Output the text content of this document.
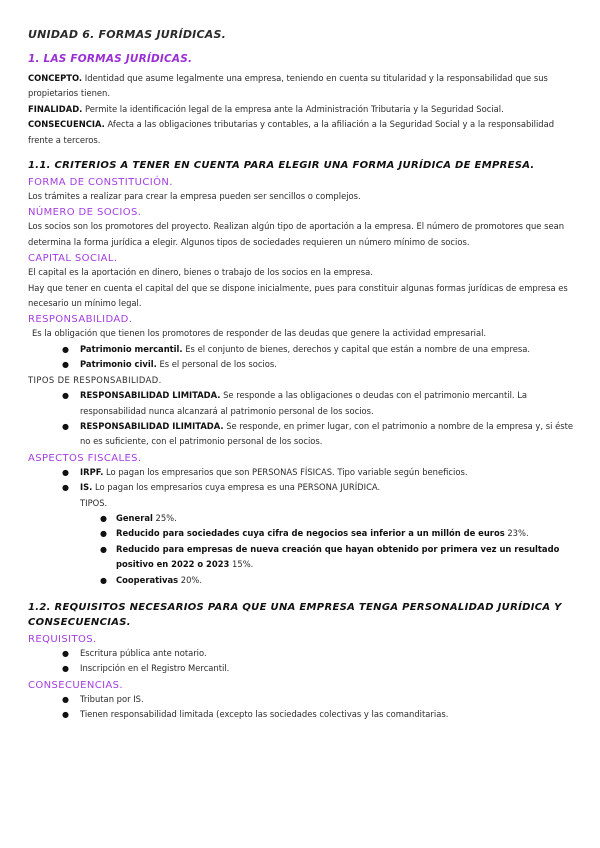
UNIDAD 6. FORMAS JURÍDICAS.
1. LAS FORMAS JURÍDICAS.

CONCEPTO. Identidad que asume legalmente una empresa, teniendo en cuenta su titularidad y la responsabilidad que sus propietarios tienen.

FINALIDAD. Permite la identificación legal de la empresa ante la Administración Tributaria y la Seguridad Social.

CONSECUENCIA. Afecta a las obligaciones tributarias y contables, a la afiliación a la Seguridad Social y a la responsabilidad frente a terceros.

1.1. CRITERIOS A TENER EN CUENTA PARA ELEGIR UNA FORMA JURÍDICA DE EMPRESA.
FORMA DE CONSTITUCIÓN.

Los trámites a realizar para crear la empresa pueden ser sencillos o complejos.

NÚMERO DE SOCIOS.

Los socios son los promotores del proyecto. Realizan algún tipo de aportación a la empresa. El número de promotores que sean determina la forma jurídica a elegir. Algunos tipos de sociedades requieren un número mínimo de socios.

CAPITAL SOCIAL.

El capital es la aportación en dinero, bienes o trabajo de los socios en la empresa.

Hay que tener en cuenta el capital del que se dispone inicialmente, pues para constituir algunas formas jurídicas de empresa es necesario un mínimo legal.

RESPONSABILIDAD.

Es la obligación que tienen los promotores de responder de las deudas que genere la actividad empresarial.

● Patrimonio mercantil. Es el conjunto de bienes, derechos y capital que están a nombre de una empresa.
● Patrimonio civil. Es el personal de los socios.

TIPOS DE RESPONSABILIDAD.

● RESPONSABILIDAD LIMITADA. Se responde a las obligaciones o deudas con el patrimonio mercantil. La responsabilidad nunca alcanzará al patrimonio personal de los socios.
● RESPONSABILIDAD ILIMITADA. Se responde, en primer lugar, con el patrimonio a nombre de la empresa y, si éste no es suficiente, con el patrimonio personal de los socios.
ASPECTOS FISCALES.
● IRPF. Lo pagan los empresarios que son PERSONAS FÍSICAS. Tipo variable según beneficios.
● IS. Lo pagan los empresarios cuya empresa es una PERSONA JURÍDICA.
TIPOS.
● General 25%.
● Reducido para sociedades cuya cifra de negocios sea inferior a un millón de euros 23%.
● Reducido para empresas de nueva creación que hayan obtenido por primera vez un resultado positivo en 2022 o 2023 15%.
● Cooperativas 20%.
1.2. REQUISITOS NECESARIOS PARA QUE UNA EMPRESA TENGA PERSONALIDAD JURÍDICA Y CONSECUENCIAS.
REQUISITOS.
● Escritura pública ante notario.
● Inscripción en el Registro Mercantil.
CONSECUENCIAS.
● Tributan por IS.
● Tienen responsabilidad limitada (excepto las sociedades colectivas y las comanditarias.
